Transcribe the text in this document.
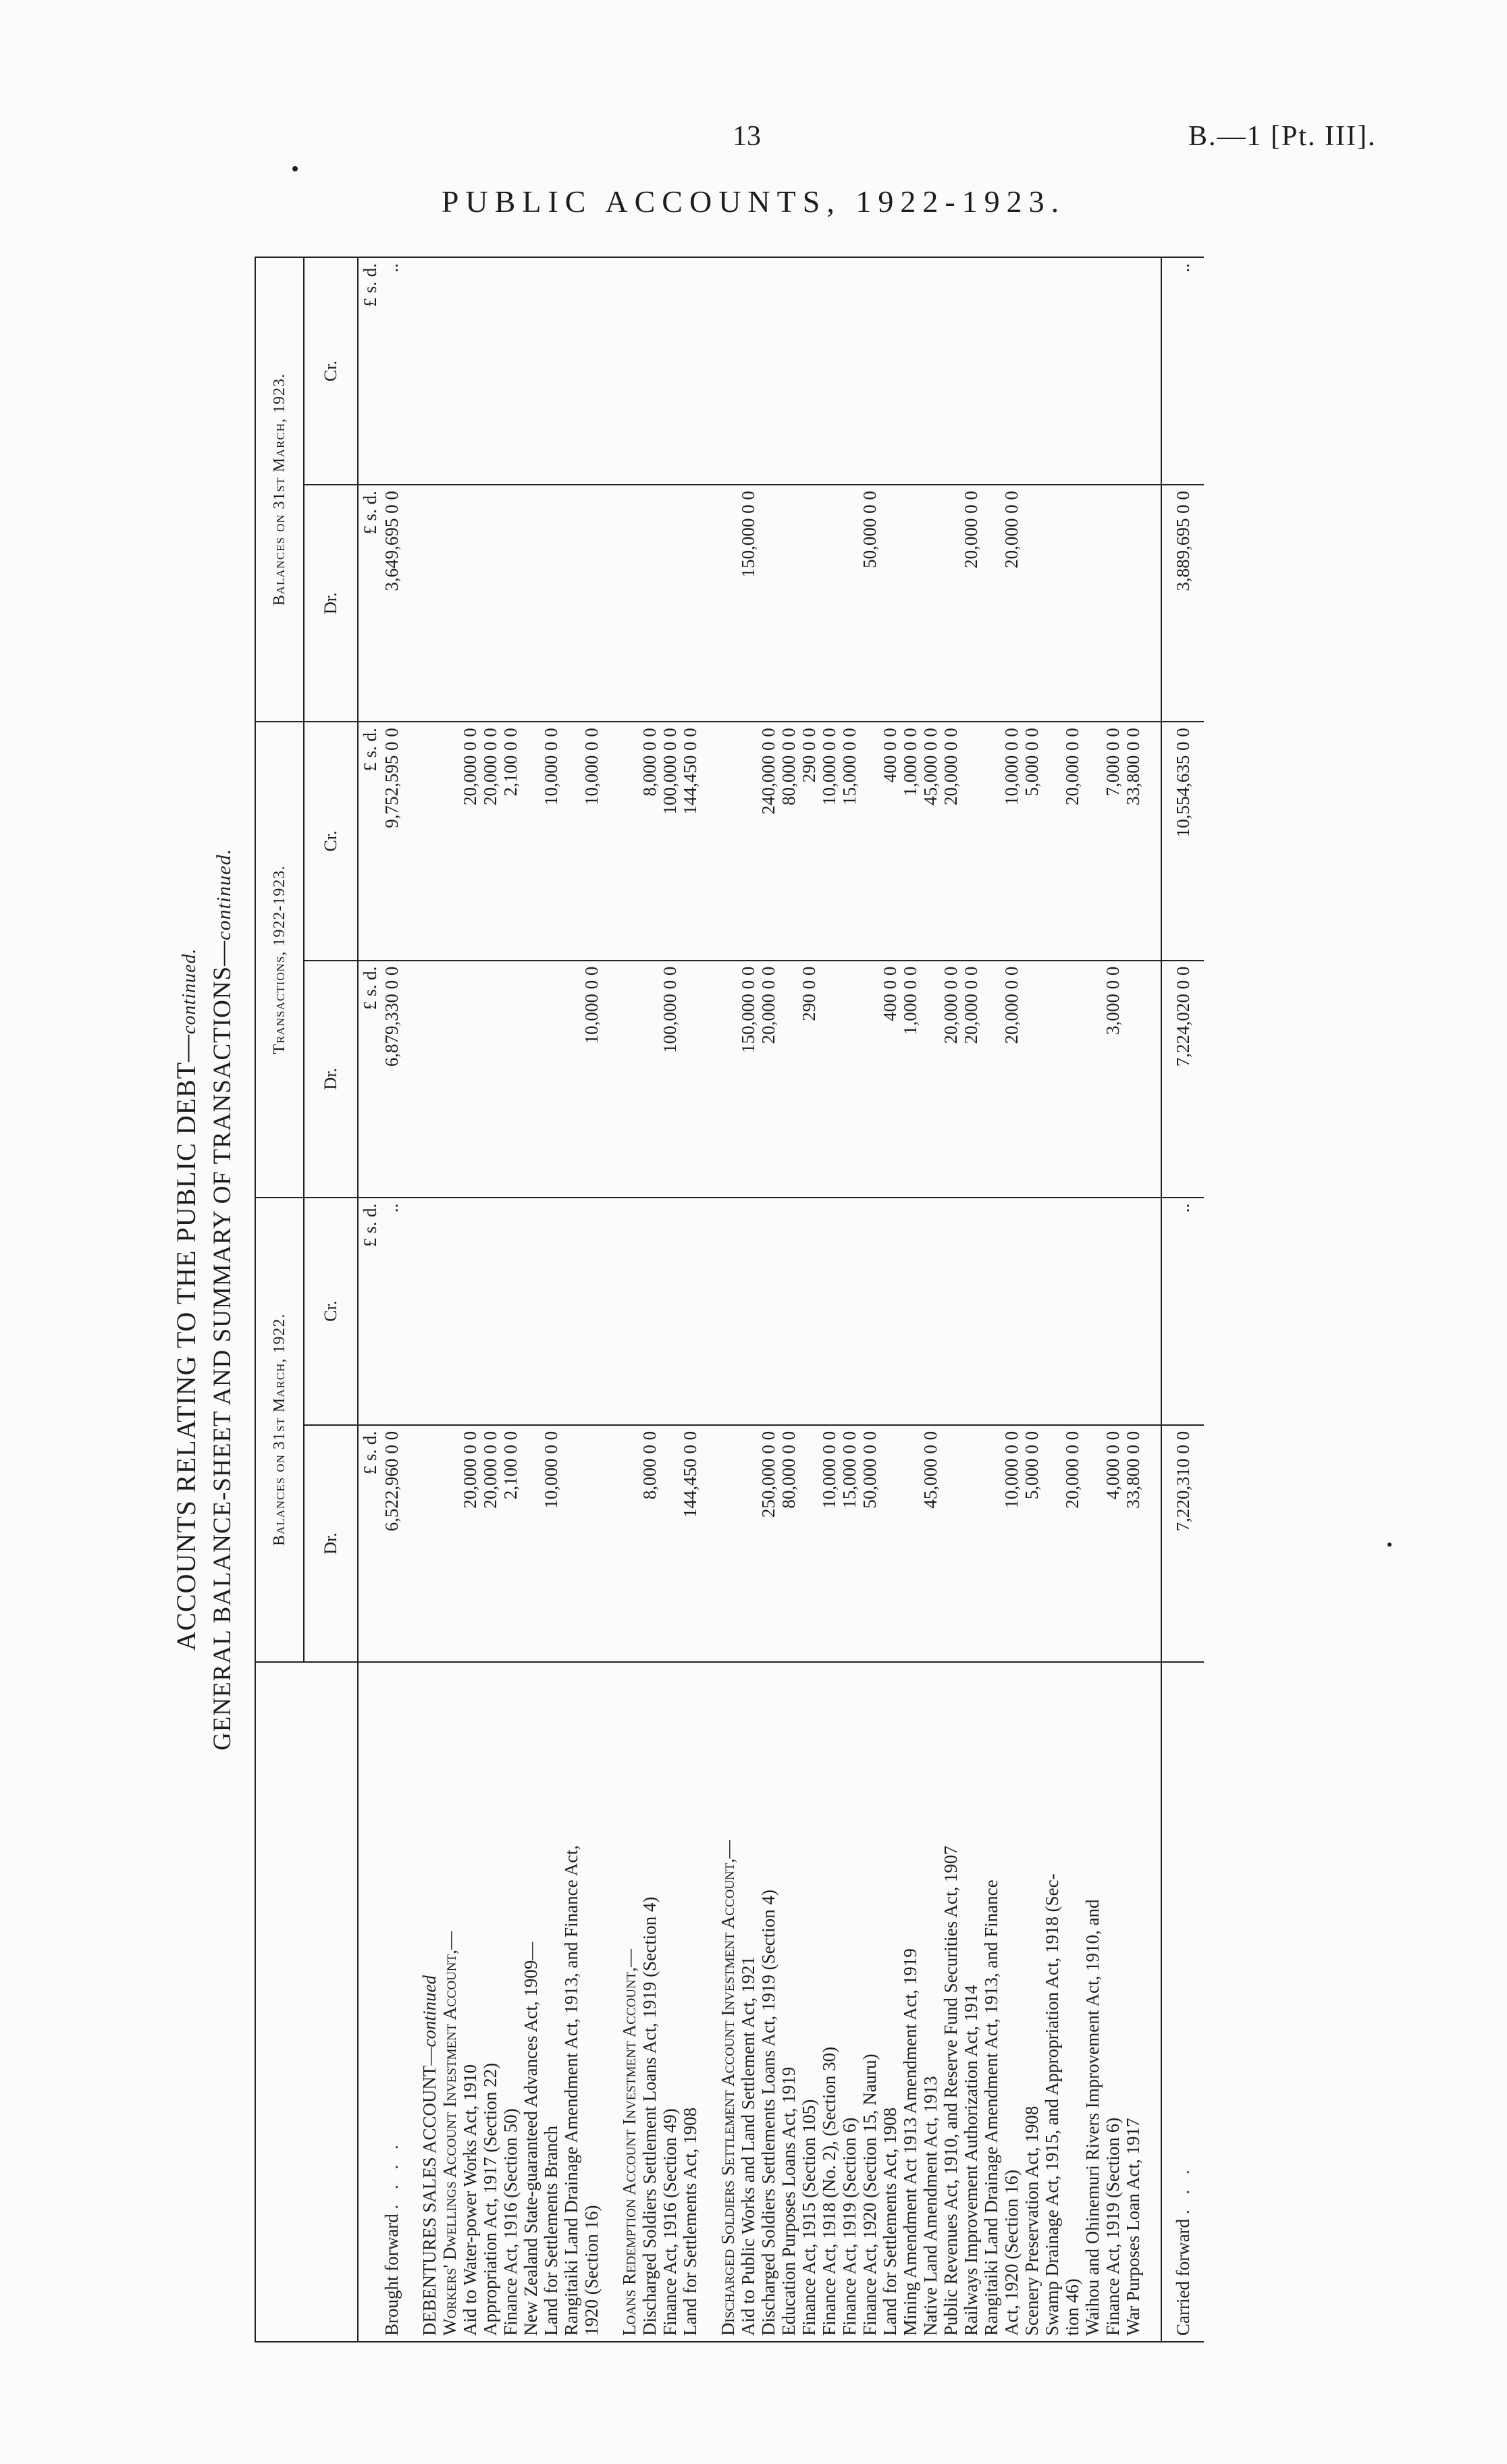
13	B.—1 [Pt. III].
PUBLIC ACCOUNTS, 1922-1923.
ACCOUNTS RELATING TO THE PUBLIC DEBT—continued. GENERAL BALANCE-SHEET AND SUMMARY OF TRANSACTIONS—continued.
	Balances on 31st March, 1922.		Transactions, 1922-1923.		Balances on 31st March, 1923.	
	Dr.	Cr.	Dr.	Cr.	Dr.	Cr.
	£ s. d.	£ s. d.	£ s. d.	£ s. d.	£ s. d.	£ s. d.
Brought forward . . . .	6,522,960 0 0	..	6,879,330 0 0	9,752,595 0 0	3,649,695 0 0	..

DEBENTURES SALES ACCOUNT—continued						
Workers' Dwellings Account Investment Account,—						
Aid to Water-power Works Act, 1910	20,000 0 0			20,000 0 0		
Appropriation Act, 1917 (Section 22)	20,000 0 0			20,000 0 0		
Finance Act, 1916 (Section 50)	2,100 0 0			2,100 0 0		
New Zealand State-guaranteed Advances Act, 1909—						
Land for Settlements Branch	10,000 0 0			10,000 0 0		
Rangitaiki Land Drainage Amendment Act, 1913, and Finance Act,						
1920 (Section 16)			10,000 0 0	10,000 0 0		

Loans Redemption Account Investment Account,—						
Discharged Soldiers Settlement Loans Act, 1919 (Section 4)	8,000 0 0			8,000 0 0		
Finance Act, 1916 (Section 49)			100,000 0 0	100,000 0 0		
Land for Settlements Act, 1908	144,450 0 0			144,450 0 0		

Discharged Soldiers Settlement Account Investment Account,—						
Aid to Public Works and Land Settlement Act, 1921			150,000 0 0		150,000 0 0	
Discharged Soldiers Settlements Loans Act, 1919 (Section 4)	250,000 0 0		20,000 0 0	240,000 0 0		
Education Purposes Loans Act, 1919	80,000 0 0			80,000 0 0		
Finance Act, 1915 (Section 105)			290 0 0	290 0 0		
Finance Act, 1918 (No. 2), (Section 30)	10,000 0 0			10,000 0 0		
Finance Act, 1919 (Section 6)	15,000 0 0			15,000 0 0		
Finance Act, 1920 (Section 15, Nauru)	50,000 0 0				50,000 0 0	
Land for Settlements Act, 1908			400 0 0	400 0 0		
Mining Amendment Act 1913 Amendment Act, 1919			1,000 0 0	1,000 0 0		
Native Land Amendment Act, 1913	45,000 0 0			45,000 0 0		
Public Revenues Act, 1910, and Reserve Fund Securities Act, 1907			20,000 0 0	20,000 0 0		
Railways Improvement Authorization Act, 1914			20,000 0 0		20,000 0 0	
Rangitaiki Land Drainage Amendment Act, 1913, and Finance						
Act, 1920 (Section 16)	10,000 0 0		20,000 0 0	10,000 0 0	20,000 0 0	
Scenery Preservation Act, 1908	5,000 0 0			5,000 0 0		
Swamp Drainage Act, 1915, and Appropriation Act, 1918 (Sec-						
tion 46)	20,000 0 0			20,000 0 0		
Waihou and Ohinemuri Rivers Improvement Act, 1910, and						
Finance Act, 1919 (Section 6)	4,000 0 0		3,000 0 0	7,000 0 0		
War Purposes Loan Act, 1917	33,800 0 0			33,800 0 0		

Carried forward . . .	7,220,310 0 0	..	7,224,020 0 0	10,554,635 0 0	3,889,695 0 0	..
